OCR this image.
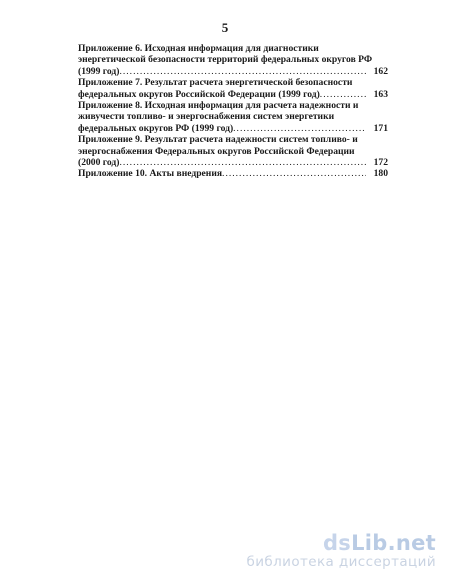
5
Приложение 6. Исходная информация для диагностики
энергетической безопасности территорий федеральных округов РФ
(1999 год) .....	162
Приложение 7. Результат расчета энергетической безопасности
федеральных округов Российской Федерации (1999 год) .....	163
Приложение 8. Исходная информация для расчета надежности и
живучести топливо- и энергоснабжения систем энергетики
федеральных округов РФ (1999 год) .....	171
Приложение 9. Результат расчета надежности систем топливо- и
энергоснабжения Федеральных округов Российской Федерации
(2000 год) .....	172
Приложение 10. Акты внедрения .....	180
dsLib.net
библиотека диссертаций
